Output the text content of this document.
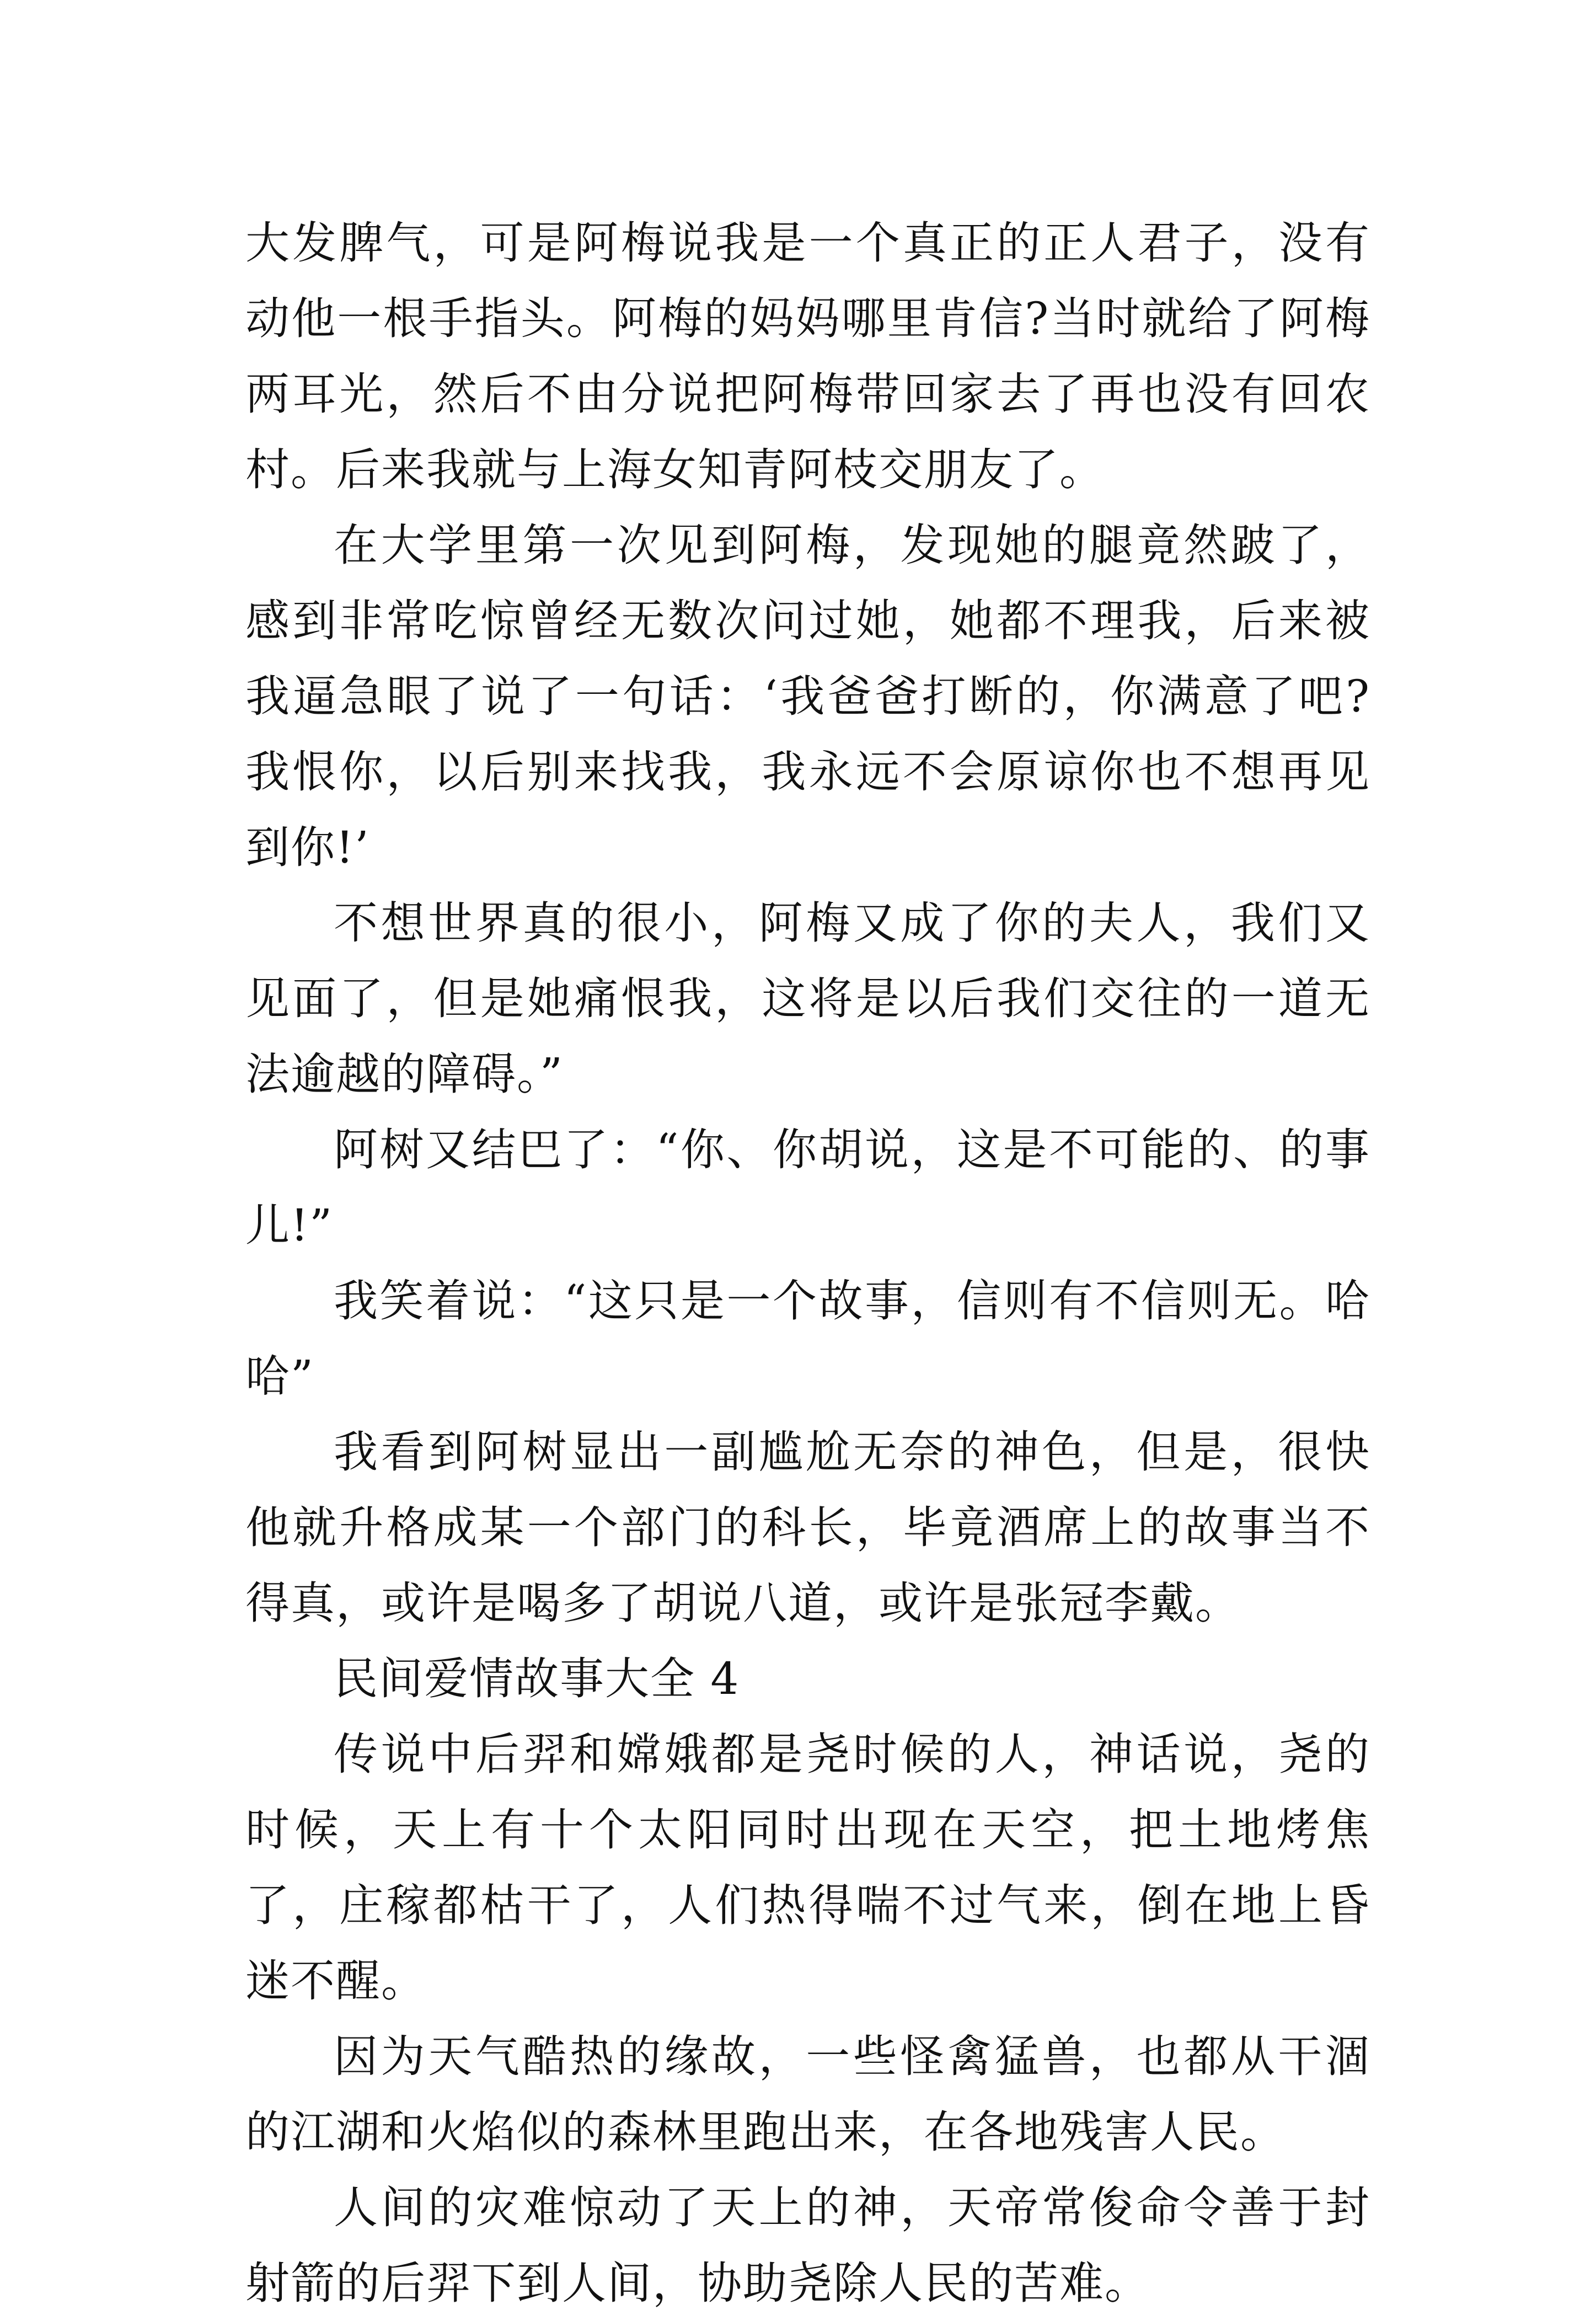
大发脾气，可是阿梅说我是一个真正的正人君子，没有动他一根手指头。阿梅的妈妈哪里肯信?当时就给了阿梅两耳光，然后不由分说把阿梅带回家去了再也没有回农村。后来我就与上海女知青阿枝交朋友了。

在大学里第一次见到阿梅，发现她的腿竟然跛了，感到非常吃惊曾经无数次问过她，她都不理我，后来被我逼急眼了说了一句话：‘我爸爸打断的，你满意了吧?我恨你，以后别来找我，我永远不会原谅你也不想再见到你!’

不想世界真的很小，阿梅又成了你的夫人，我们又见面了，但是她痛恨我，这将是以后我们交往的一道无法逾越的障碍。”

阿树又结巴了：“你、你胡说，这是不可能的、的事儿!”

我笑着说：“这只是一个故事，信则有不信则无。哈哈”

我看到阿树显出一副尴尬无奈的神色，但是，很快他就升格成某一个部门的科长，毕竟酒席上的故事当不得真，或许是喝多了胡说八道，或许是张冠李戴。

民间爱情故事大全 4

传说中后羿和嫦娥都是尧时候的人，神话说，尧的时候，天上有十个太阳同时出现在天空，把土地烤焦了，庄稼都枯干了，人们热得喘不过气来，倒在地上昏迷不醒。

因为天气酷热的缘故，一些怪禽猛兽，也都从干涸的江湖和火焰似的森林里跑出来，在各地残害人民。

人间的灾难惊动了天上的神，天帝常俊命令善于封射箭的后羿下到人间，协助尧除人民的苦难。
